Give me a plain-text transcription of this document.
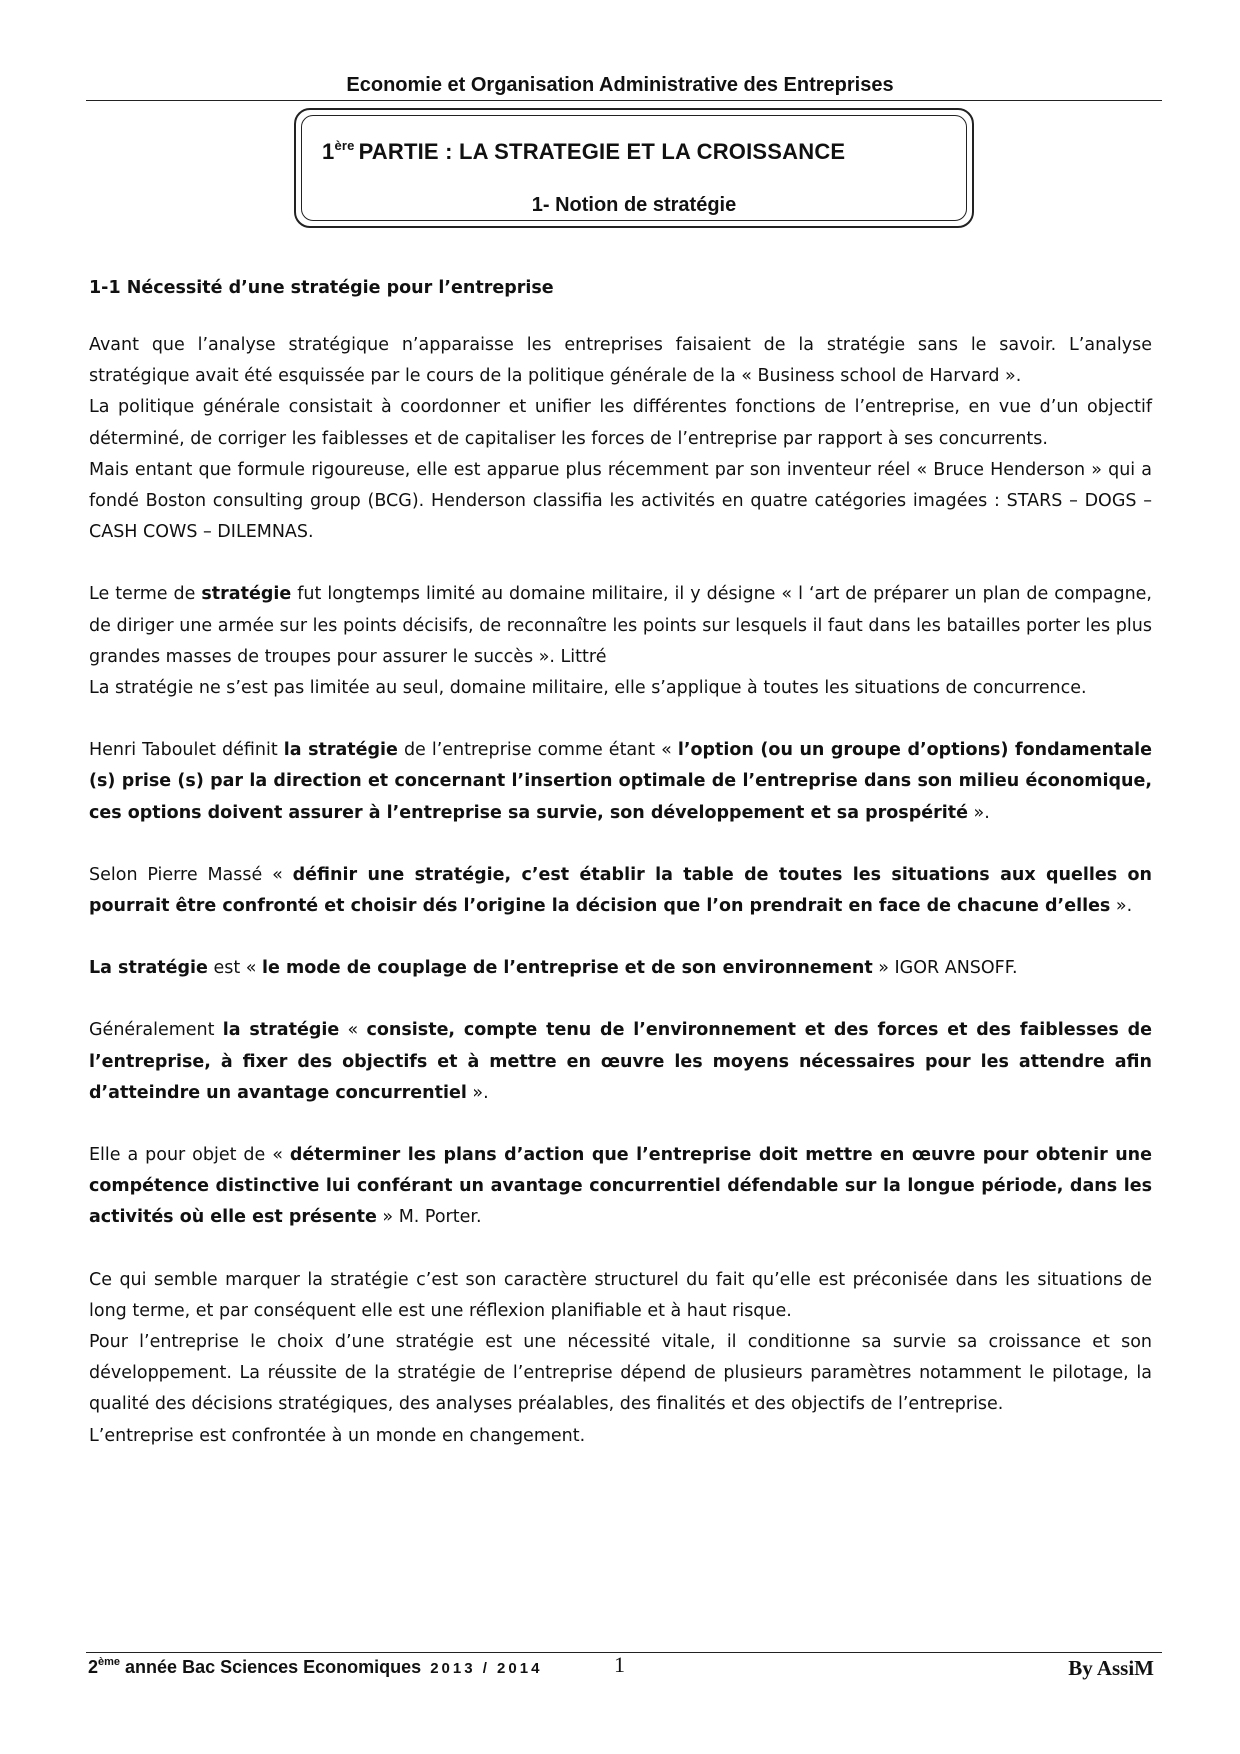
Economie et Organisation Administrative des Entreprises
1ère PARTIE : LA STRATEGIE ET LA CROISSANCE
1- Notion de stratégie
1-1 Nécessité d’une stratégie pour l’entreprise

Avant que l’analyse stratégique n’apparaisse les entreprises faisaient de la stratégie sans le savoir. L’analyse stratégique avait été esquissée par le cours de la politique générale de la « Business school de Harvard ».

La politique générale consistait à coordonner et unifier les différentes fonctions de l’entreprise, en vue d’un objectif déterminé, de corriger les faiblesses et de capitaliser les forces de l’entreprise par rapport à ses concurrents.

Mais entant que formule rigoureuse, elle est apparue plus récemment par son inventeur réel « Bruce Henderson » qui a fondé Boston consulting group (BCG). Henderson classifia les activités en quatre catégories imagées : STARS – DOGS – CASH COWS – DILEMNAS.

Le terme de stratégie fut longtemps limité au domaine militaire, il y désigne « l ‘art de préparer un plan de compagne, de diriger une armée sur les points décisifs, de reconnaître les points sur lesquels il faut dans les batailles porter les plus grandes masses de troupes pour assurer le succès ». Littré

La stratégie ne s’est pas limitée au seul, domaine militaire, elle s’applique à toutes les situations de concurrence.

Henri Taboulet définit la stratégie de l’entreprise comme étant « l’option (ou un groupe d’options) fondamentale (s) prise (s) par la direction et concernant l’insertion optimale de l’entreprise dans son milieu économique, ces options doivent assurer à l’entreprise sa survie, son développement et sa prospérité ».

Selon Pierre Massé « définir une stratégie, c’est établir la table de toutes les situations aux quelles on pourrait être confronté et choisir dés l’origine la décision que l’on prendrait en face de chacune d’elles ».

La stratégie est « le mode de couplage de l’entreprise et de son environnement » IGOR ANSOFF.

Généralement la stratégie « consiste, compte tenu de l’environnement et des forces et des faiblesses de l’entreprise, à fixer des objectifs et à mettre en œuvre les moyens nécessaires pour les attendre afin d’atteindre un avantage concurrentiel ».

Elle a pour objet de « déterminer les plans d’action que l’entreprise doit mettre en œuvre pour obtenir une compétence distinctive lui conférant un avantage concurrentiel défendable sur la longue période, dans les activités où elle est présente » M. Porter.

Ce qui semble marquer la stratégie c’est son caractère structurel du fait qu’elle est préconisée dans les situations de long terme, et par conséquent elle est une réflexion planifiable et à haut risque.

Pour l’entreprise le choix d’une stratégie est une nécessité vitale, il conditionne sa survie sa croissance et son développement. La réussite de la stratégie de l’entreprise dépend de plusieurs paramètres notamment le pilotage, la qualité des décisions stratégiques, des analyses préalables, des finalités et des objectifs de l’entreprise.

L’entreprise est confrontée à un monde en changement.

2ème année Bac Sciences Economiques 2013 / 2014	1	By AssiM
